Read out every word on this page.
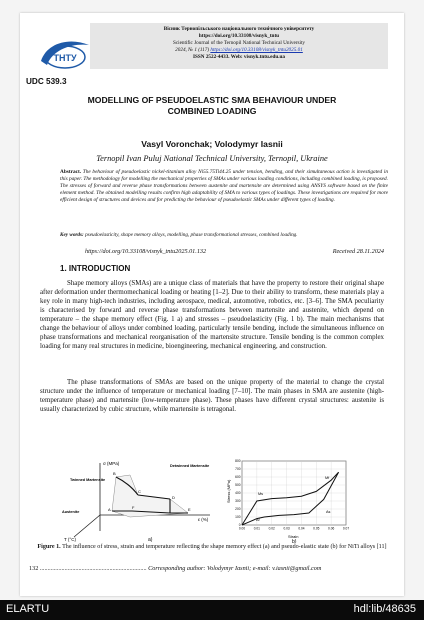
ТНТУ
Вісник Тернопільського національного технічного університету
https://doi.org/10.33108/visnyk_tntu
Scientific Journal of the Ternopil National Technical University
2024, № 1 (117) https://doi.org/10.33108/visnyk_tntu2025.01
ISSN 2522-4433. Web: visnyk.tntu.edu.ua
UDC 539.3
MODELLING OF PSEUDOELASTIC SMA BEHAVIOUR UNDER
COMBINED LOADING
Vasyl Voronchak; Volodymyr Iasnii
Ternopil Ivan Puluj National Technical University, Ternopil, Ukraine
Abstract. The behaviour of pseudoelastic nickel-titanium alloy Ni55.75Ti44.25 under tension, bending, and their simultaneous action is investigated in this paper. The methodology for modelling the mechanical properties of SMAs under various loading conditions, including combined loading, is proposed. The stresses of forward and reverse phase transformations between austenite and martensite are determined using ANSYS software based on the finite element method. The obtained modelling results confirm high adaptability of SMA to various types of loadings. These investigations are required for more efficient design of structures and devices and for predicting the behaviour of pseudoelastic SMAs under different types of loading.
Key words: pseudoelasticity, shape memory alloys, modelling, phase transformational stresses, combined loading.
https://doi.org/10.33108/visnyk_tntu2025.01.132	Received 28.11.2024
1. INTRODUCTION
Shape memory alloys (SMAs) are a unique class of materials that have the property to restore their original shape after deformation under thermomechanical loading or heating [1–2]. Due to their ability to transform, these materials play a key role in many high-tech industries, including aerospace, medical, automotive, robotics, etc. [3–6]. The SMA peculiarity is characterised by forward and reverse phase transformations between martensite and austenite, which depend on temperature – the shape memory effect (Fig. 1 a) and stresses – pseudoelasticity (Fig. 1 b). The main mechanisms that change the behaviour of alloys under combined loading, particularly tensile bending, include the simultaneous influence on phase transformations and mechanical reorganisation of the martensite structure. Tensile bending is the common complex loading for many real structures in medicine, bioengineering, mechanical engineering, and construction.
The phase transformations of SMAs are based on the unique property of the material to change the crystal structure under the influence of temperature or mechanical loading [7–10]. The main phases in SMA are austenite (high-temperature phase) and martensite (low-temperature phase). These phases have different crystal structures: austenite is usually characterized by cubic structure, while martensite is tetragonal.
σ (MPa)
ε (%)
T (°C)
Twinned Martensite
Detwinned Martensite
Austenite	A
B
C
D
E
F
a)
0
100
200
300
400
500
600
700
800
0.00	0.01	0.02	0.03	0.04	0.05	0.06	0.07
Ms
Mf
As
Af
Stress (MPa)
Strain
b)
Figure 1. The influence of stress, strain and temperature reflecting the shape memory effect (a) and pseudo-elastic state (b) for NiTi alloys [11]
132 ..................................................................... Corresponding author: Volodymyr Iasnii; e-mail: v.iasnii@gmail.com
ELARTU	hdl:lib/48635
